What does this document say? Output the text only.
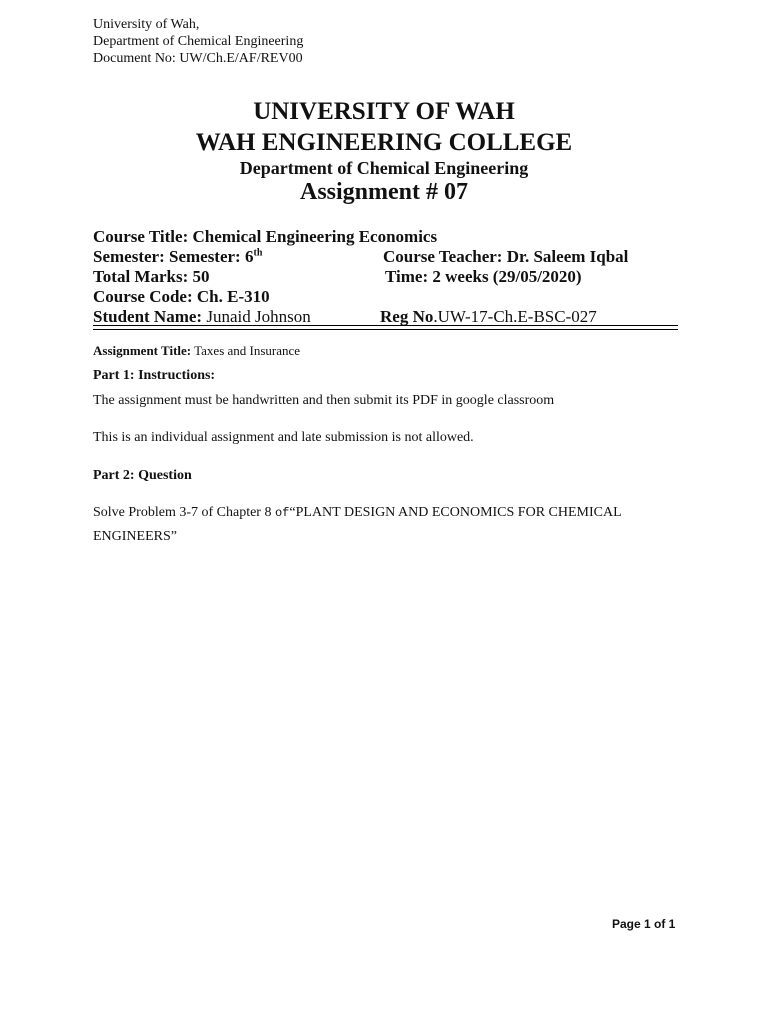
University of Wah,
Department of Chemical Engineering
Document No: UW/Ch.E/AF/REV00
UNIVERSITY OF WAH
WAH ENGINEERING COLLEGE
Department of Chemical Engineering
Assignment # 07
Course Title: Chemical Engineering Economics
Semester: Semester: 6th	Course Teacher: Dr. Saleem Iqbal
Total Marks: 50	Time: 2 weeks (29/05/2020)
Course Code: Ch. E-310
Student Name: Junaid Johnson	Reg No.UW-17-Ch.E-BSC-027
Assignment Title: Taxes and Insurance
Part 1: Instructions:
The assignment must be handwritten and then submit its PDF in google classroom
This is an individual assignment and late submission is not allowed.
Part 2: Question
Solve Problem 3-7 of Chapter 8 of“PLANT DESIGN AND ECONOMICS FOR CHEMICAL
ENGINEERS”
Page 1 of 1
